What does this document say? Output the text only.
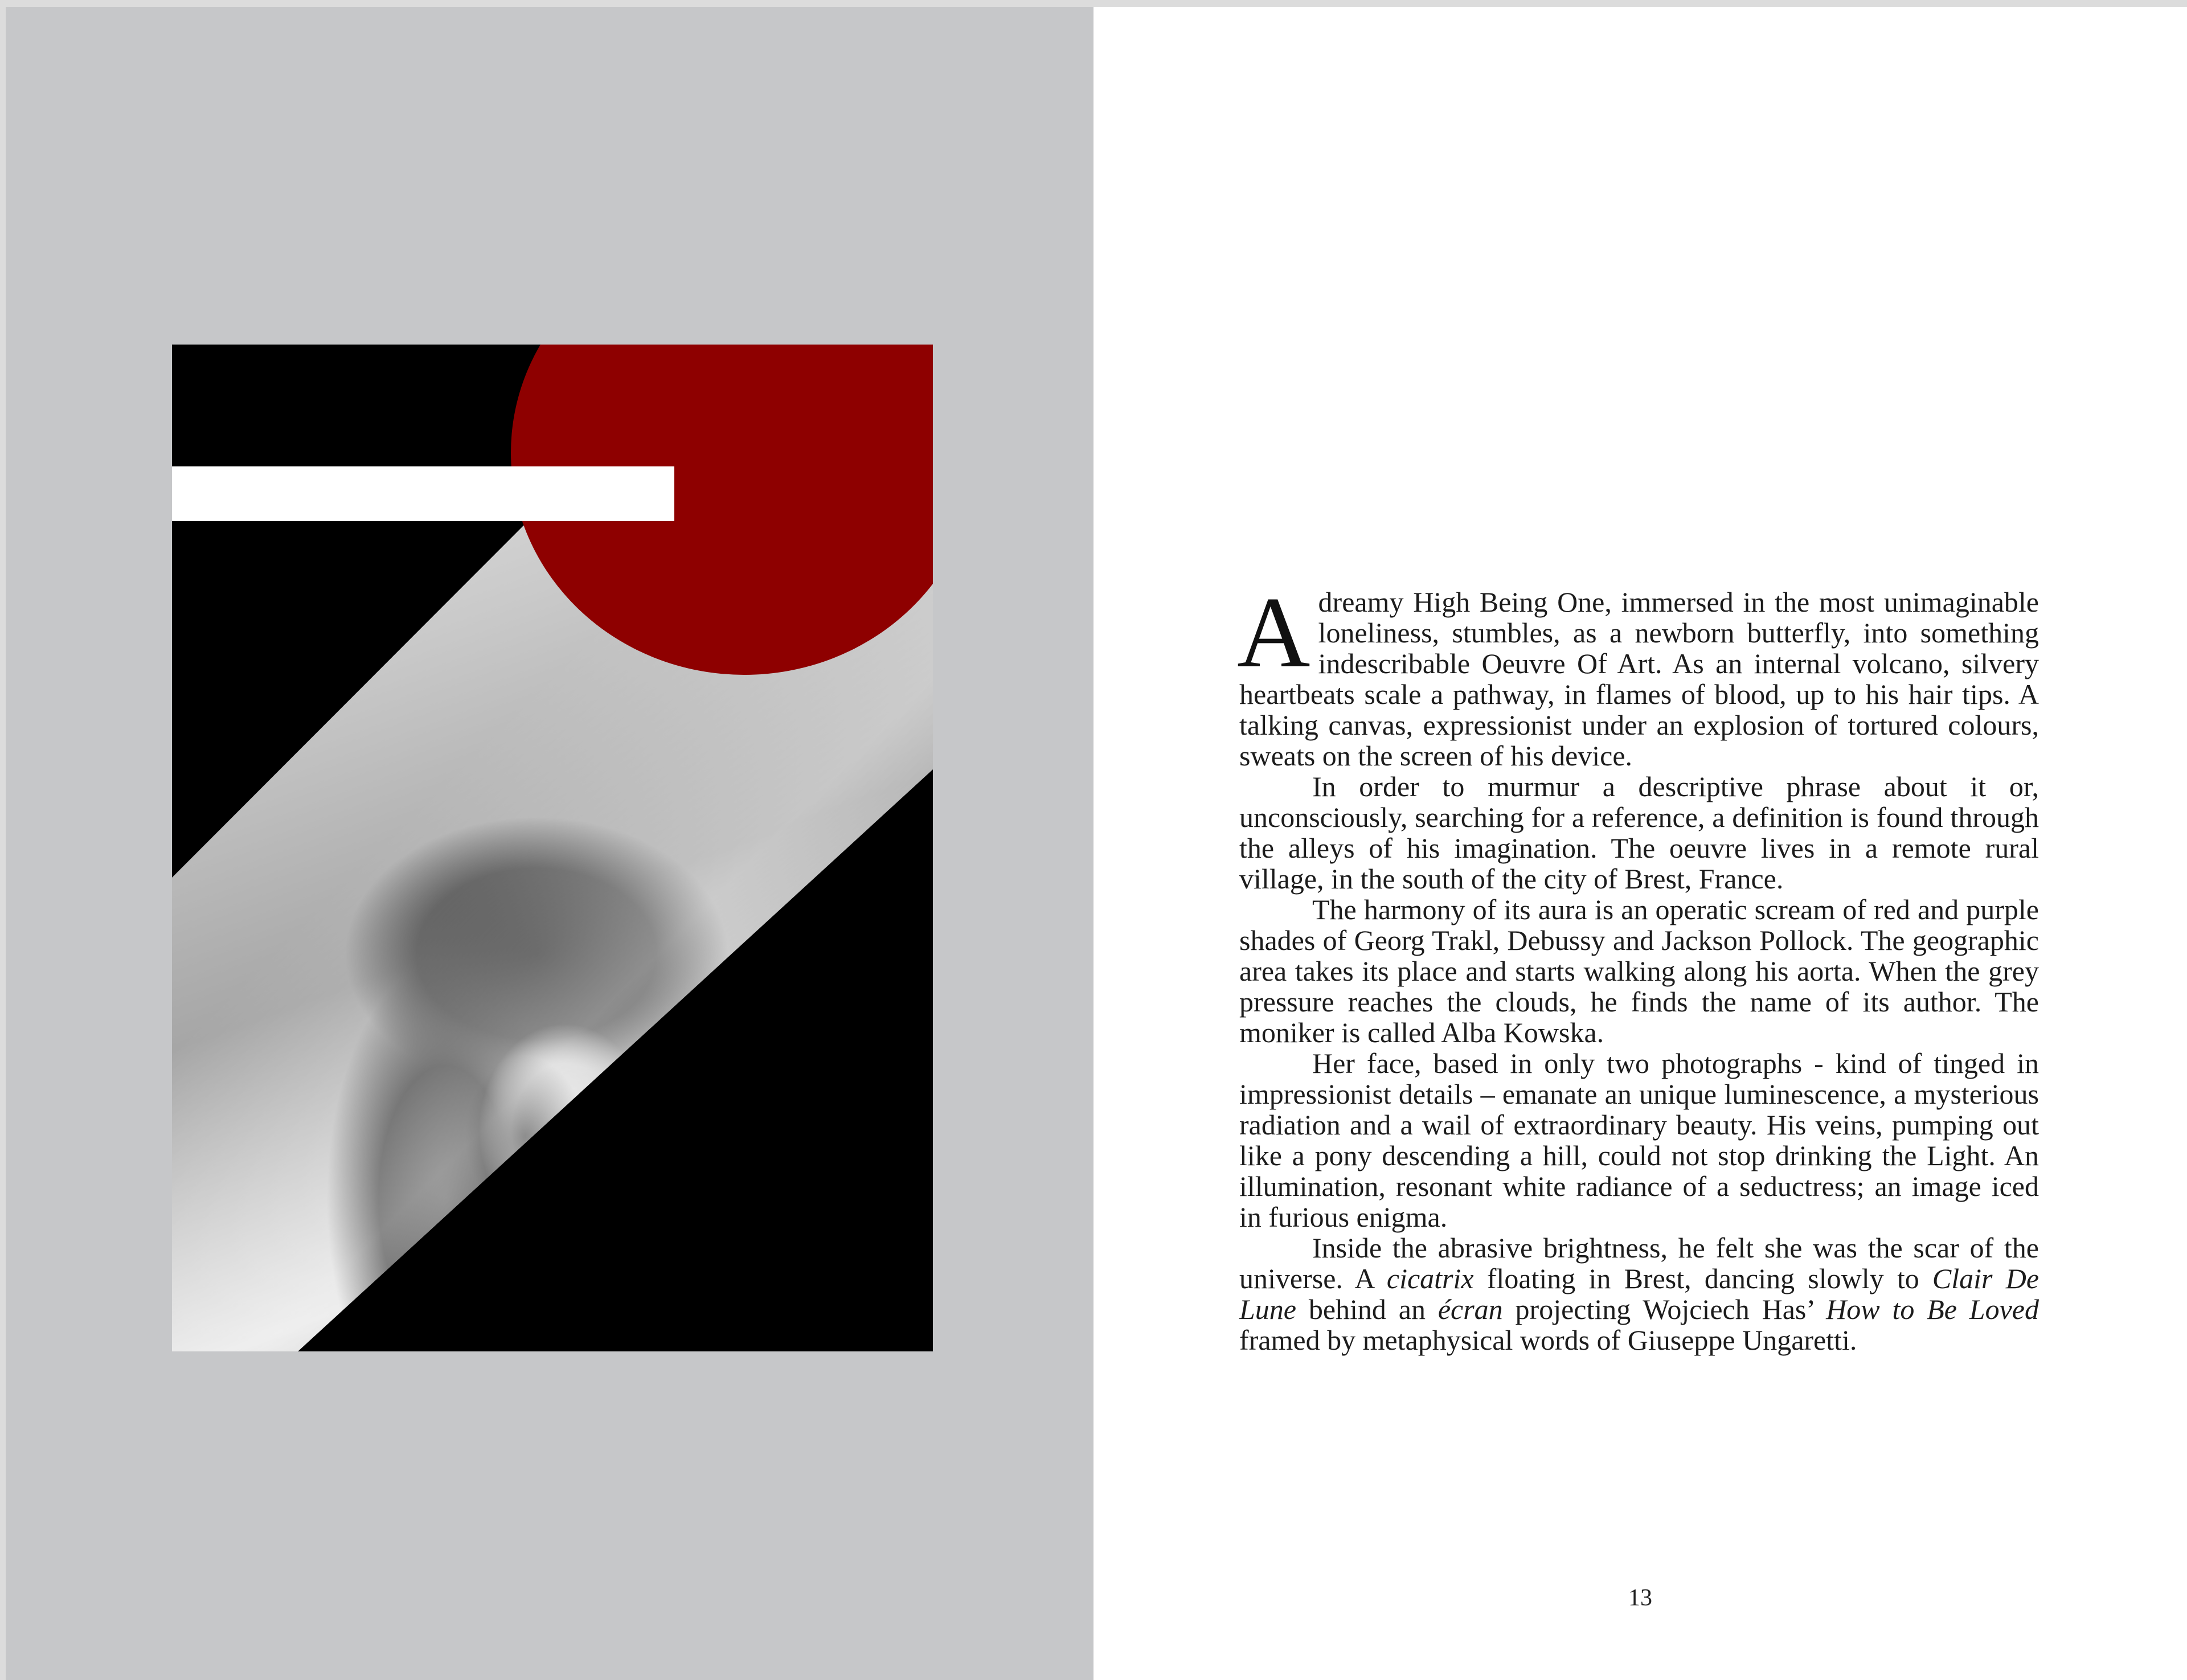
A dreamy High Being One, immersed in the most unimaginable loneliness, stumbles, as a newborn butterfly, into something indescribable Oeuvre Of Art. As an internal volcano, silvery heartbeats scale a pathway, in flames of blood, up to his hair tips. A talking canvas, expressionist under an explosion of tortured colours, sweats on the screen of his device.

In order to murmur a descriptive phrase about it or, unconsciously, searching for a reference, a definition is found through the alleys of his imagination. The oeuvre lives in a remote rural village, in the south of the city of Brest, France.

The harmony of its aura is an operatic scream of red and purple shades of Georg Trakl, Debussy and Jackson Pollock. The geographic area takes its place and starts walking along his aorta. When the grey pressure reaches the clouds, he finds the name of its author. The moniker is called Alba Kowska.

Her face, based in only two photographs - kind of tinged in impressionist details – emanate an unique luminescence, a mysterious radiation and a wail of extraordinary beauty. His veins, pumping out like a pony descending a hill, could not stop drinking the Light. An illumination, resonant white radiance of a seductress; an image iced in furious enigma.

Inside the abrasive brightness, he felt she was the scar of the universe. A cicatrix floating in Brest, dancing slowly to Clair De Lune behind an écran projecting Wojciech Has’ How to Be Loved framed by metaphysical words of Giuseppe Ungaretti.

13
